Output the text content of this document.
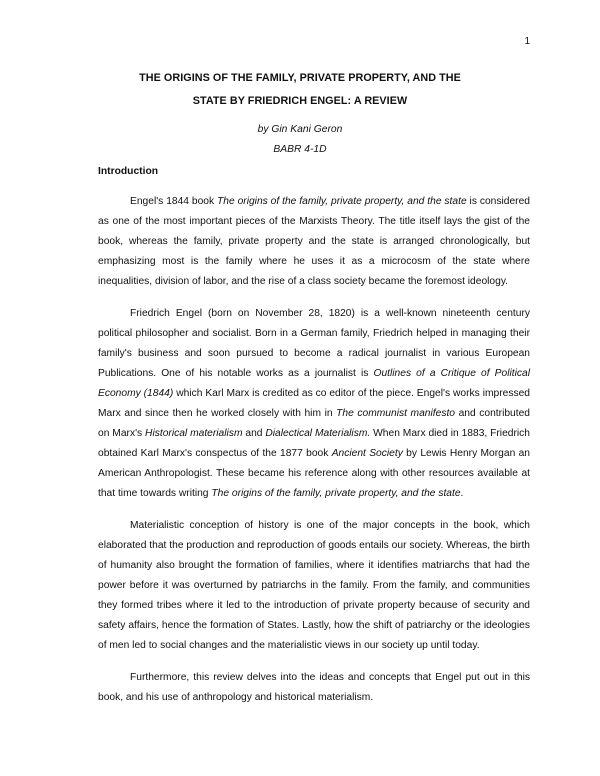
1
THE ORIGINS OF THE FAMILY, PRIVATE PROPERTY, AND THE
STATE BY FRIEDRICH ENGEL: A REVIEW
by Gin Kani Geron
BABR 4-1D
Introduction

Engel's 1844 book The origins of the family, private property, and the state is considered as one of the most important pieces of the Marxists Theory. The title itself lays the gist of the book, whereas the family, private property and the state is arranged chronologically, but emphasizing most is the family where he uses it as a microcosm of the state where inequalities, division of labor, and the rise of a class society became the foremost ideology.

Friedrich Engel (born on November 28, 1820) is a well-known nineteenth century political philosopher and socialist. Born in a German family, Friedrich helped in managing their family's business and soon pursued to become a radical journalist in various European Publications. One of his notable works as a journalist is Outlines of a Critique of Political Economy (1844) which Karl Marx is credited as co editor of the piece. Engel's works impressed Marx and since then he worked closely with him in The communist manifesto and contributed on Marx's Historical materialism and Dialectical Materialism. When Marx died in 1883, Friedrich obtained Karl Marx's conspectus of the 1877 book Ancient Society by Lewis Henry Morgan an American Anthropologist. These became his reference along with other resources available at that time towards writing The origins of the family, private property, and the state.

Materialistic conception of history is one of the major concepts in the book, which elaborated that the production and reproduction of goods entails our society. Whereas, the birth of humanity also brought the formation of families, where it identifies matriarchs that had the power before it was overturned by patriarchs in the family. From the family, and communities they formed tribes where it led to the introduction of private property because of security and safety affairs, hence the formation of States. Lastly, how the shift of patriarchy or the ideologies of men led to social changes and the materialistic views in our society up until today.

Furthermore, this review delves into the ideas and concepts that Engel put out in this book, and his use of anthropology and historical materialism.
